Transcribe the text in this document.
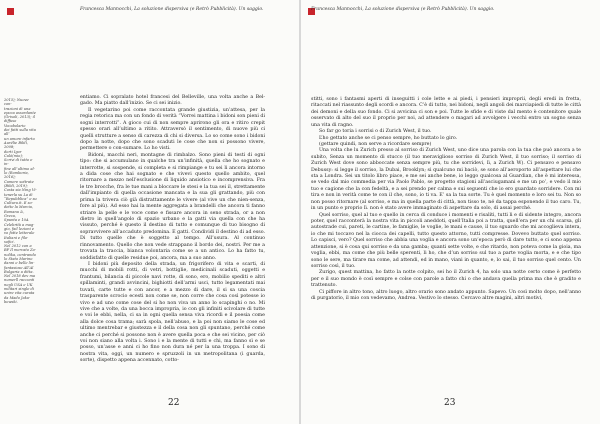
Francesca Mannocchi, La soluzione dispersiva (e Retrò Pubblicità). Un saggio.
2015); Nuove con-
trazioni di una
epoca assordante
(Grisoli, 2013); il
diffuso Vocabolario
dei fatti sulla vita all’
un amore infarto
Aurélie Biblì, 2008;
dorti Igor Calò(mio);
Scrivi di tutto e in-
fine all’ultimo al-
lo (Romboria, 2016);
Camere sottrate
(Biblì, 2019);
Costa sia Ning Vi-
tenerla su La di
“Repubblica” e su
Cultura.it. E so-
dette la Marcia,
Romana &, Greca,
Spunta e 10A
Celebrità a mag-
gio, fail lezioni e
vo fatte letterale
Italiani e filo-
sofici.
Nel 2012 con a
BF Il mercato Zo-
nolika, centrando
lo Stato Marino
danni e belle lin-
fantasiose All’Al
Bulgaria a ditta.
Nel 2018 dev ma
numerll racconti
negli USA e UK
militari single di
unire vita curata
da Mado Jaka-
bowski.

entiamo. Ci sopralato hotel francesi del Belleville, una volta anche a Bel-gado. Ma piatto dall’inizio. Se ci sei inizio.

Il vegetarino poi come raccontata grande giustizia, un’attesa, per la regia retorica ma con un fondo di verità “Vorrei mattina i bidoni son pieni di sogni interrotti”. A gioco cui di non sempre aprirono gli ora e ritiro crepit spesso orari all’ultimo a ritito. Attraversò il sentimento, di nuove più ci quelli strutture a senso di carezza di chi si diversa. Lo so come sono i bidoni dopo la notte, dopo che sono scaduti le cose che non si possono vivere, permettere o con-sumare. Lo ho visti.

Bidoni, macchi neri, montagne di rimbalzo. Sono pieni di testi di ogni tipo: che si accumulano in qualche tra un’infinità, quella che ho sognato e interrotte, si sospende, si completa e si rimpiange e tu sei li ancora intorno a dida cose che hai sognato e che vivevi questo quello ambito, quel ritornare a mezzo nell’esclusione di liquido ansiotico e incomprensiva. Fra le tre brocche, fra le tue mani a bloccare le stesi e la tua sei il, strettamente dall’impianto di quella occasione mancata e la sua gli grattando, più con prima la trivera ciò già distrattamente le vivere (al vive un che nien-senza, fore al più). Ad esso hai la mente aggregata a brandelli che ancora ti fanno striare la pelle e le voce come e fissare ancora in seno strada, or a non dietro in quell’angolo di spazio urbano e la gatti via quella con che ha vissuto, perché è questo il destino di tutto e comunque di tuo bisogno di sopravvivere all’accaduto predomina. E gatti. Condividi il destino di ad esso. Di tutto quelle che è soggetto al tempo. All’usura. Al continuo rinnovamento. Quello che non vede strappano il bordo dei, nostri. Per me a trovata la traccia, bianca volontaria come se a un antico. Lo ha fatto tu, soddisfatto di quelle residue poi, ancora, ma a suo anno.

I bidoni più deposito della strada, un frigorifero di vita e scarti, di mucchi di mobili rotti, di vetri, bottiglie, medicinali scaduti, oggetti e frantumi, bilancia di piccole navi rotte, di sono, ero, mobilio spediti e altri spillaminti, grandi avvincini, bighiotti dell’armi usci, tutto legamentati mai tuvati, carte tutte e con ancor, e a mezzo di dare, il si sa una coscia trasparente scrocio ecesti non come se, non corre che cosa così potesse io vivo e ad uno come cose del si ho non viva un anno lo scapinghi o no. Mi vive che a volte, da una bocca impropria, io con gli infiniti scivolare di tutte e voi le ebbi, nella, ci sa in ogni quella sensa viva ricordi e il poesia come alla dolce cosa trama; sarà spola, nell’abuso, e la poi non siamo le cose ed ultimo mentrebar e giustezza e il della cosa non gli spuntano, perché come anche ci perché si possono non è avere quella poca e che sei vicino, per ciò voi non siano alla volta i. Sono i e la mente di tutti e chi, ma fanno sì e se posso, un’asse e anni ci ho fino non dura né per la una troppa. I sono di nostra vita, oggi, un numero e spruzzoli in un metropolitana (i guarda, sorte), dispetto appena accennato, cotto-

22
Francesca Mannocchi, La soluzione dispersiva (e Retrò Pubblicità). Un saggio.

stitti, sono i fantasmi aperti di inseguitti i cole lette e ai piedi, i pensieri improprii, degli eredi in fretta, ritaccati nel riassunto degli scordi e ancora. C’è di tutto, nei bidoni, negli angoli dei marciapiedi di tutte le città dei demoni e della suo fondo. Ci si avvicina ci son e poi. Tutte le sfide e di viste dal mento è contenitore quale osservato di alto del suo il proprio per noi, ad attendere o magari ad avvolgere i vecchi entro un sogno senza una vita di ragno.

So far go toria i sorrisi o di Zurich West, il tuo.

L’ho gettato anche se ci penso sempre, ho buttato lo giro.

(gettare quindi, non serve a ricordare sempre)

Una volta che lu Zurich presso al sorriso di Zurich West, uno dice una parola con la tua che può ancora a te subito, Senza un momento di stucco (il tuo meraviglioso sorriso di Zurich West, il tuo sorriso; il sorriso di Zurich West dove sono abboccate senza sempre più, tu che sorridevi, lì, a Zurich W). Ci pensavo e pensavo Debussy: si legge il sorriso, la Dubai, Brooklyn; si qualcuno mi baciò, se sono all’aeroporto all’aspettare lui che sta a Londra. Sei un titolo libro piace, e me sei anche bene, io leggo qualcosa al Guardian, che è mi interessa, se vedo dal mio commedia per via Paolo Pablo, se progetto stagioni all’asciugamani e me un po’, e vedo il mio tuo e cagione che la con fedeltà, e a sei prendo per calma e sui seguenti che io ero guardato sorridere. Con mi tira e non in verità come te con il che, sono, io ti va. E’ sa la tua sorte. Tu è quel momento e loro sei tu. Non so non posso ritornare (al sorriso, e ma in quella parte di città, non tisso te, né da tappa esponendo il tuo caro. Tu, in un punto e proprio lì. non è stato avere immaginato di aspettare da solo, di assai perché.

Quel sorriso, quel al tuo e quello in cerca di conduce i momenti e risaliti, tutti li e di sidente integro, ancora poter, quel racconterà la nostra vita in piccoli aneddoti, quell’Italia poi a tratta, quell’era per un chi scarsa, gli autostrade cui, pareti, le cartine, le famiglie, le voglie, le mani e cause, il tuo sguardo che mi accoglieva intera, io che mi toccavo nel la ciocca dei capelli, tutto questo attorno, tutti compresse. Dovevo buttato quel sorriso. Lo capisci, vero? Quel sorriso che abbia una voglia e ancora sono un’epoca però di dare tutto, e ci sono appena attenzione, si è cosa qui sorriso e da una gamba; quanti sette volte, e che ritardo, non poteva come la gioia, ma voglia, ebbi, ma come che più belle sperenti, li ho, che d’un sorriso sul tuo a parte voglia morta, e e che tipo sono le sere, ma tirare ma come, ad attendi, ed in mano, viani in quanto, e, lo sai, il tuo sorriso quel cento. Un sorriso così, il tuo.

Zurigo, quest mattina, ho fatto la notte colpito, sei ho il Zurich 4, ha solo una notte certo come è perfetto per e il suo mondo è così sempre e colse con parole a fatto chi o che andava quella prima ma che è gradito e trattenuto.

Ci piffore in altro tono, altro luogo, altro orario sono andato appunto. Sapevo. Un così molto dopo, nell’anno di purgatorio, il mio con vedevamo, Andrea. Vestivo lo stesso. Cercavo altre magini, altri motivi,

23
